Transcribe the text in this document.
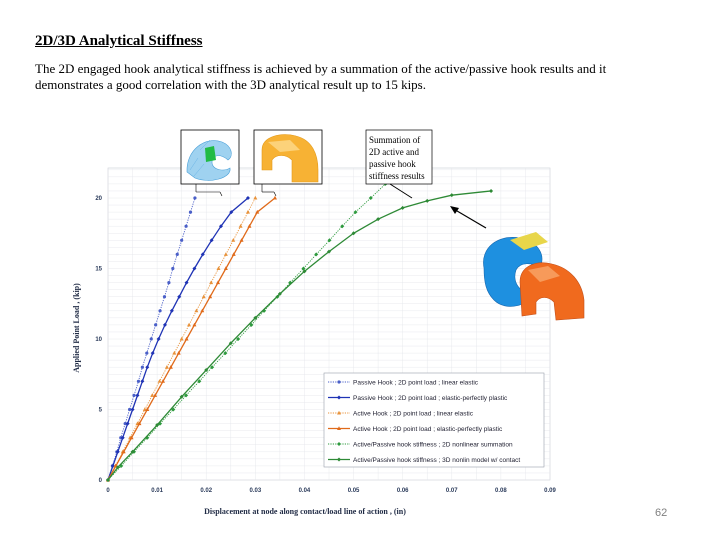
2D/3D Analytical Stiffness
The 2D engaged hook analytical stiffness is achieved by a summation of the active/passive hook results and it demonstrates a good correlation with the 3D analytical result up to 15 kips.
62
0	0.01	0.02	0.03	0.04	0.05	0.06	0.07	0.08	0.09
0
5
10
15
20
Displacement at node along contact/load line of action , (in)
Applied Point Load , (kip)
Passive Hook ; 2D point load ; linear elastic
Passive Hook ; 2D point load ; elastic-perfectly plastic
Active Hook ; 2D point load ; linear elastic
Active Hook ; 2D point load ; elastic-perfectly plastic
Active/Passive hook stiffness ; 2D nonlinear summation
Active/Passive hook stiffness ; 3D nonlin model w/ contact
Summation of
2D active and
passive hook
stiffness results
